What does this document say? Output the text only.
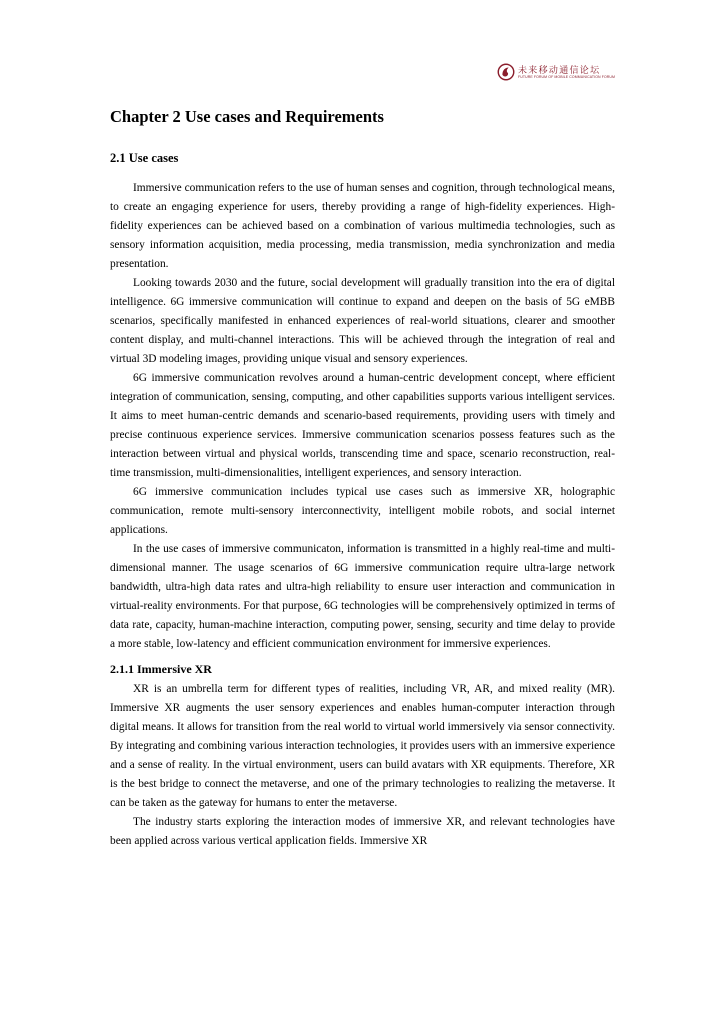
未来移动通信论坛
FUTURE FORUM OF MOBILE COMMUNICATION FORUM
Chapter 2 Use cases and Requirements
2.1 Use cases

Immersive communication refers to the use of human senses and cognition, through technological means, to create an engaging experience for users, thereby providing a range of high-fidelity experiences. High-fidelity experiences can be achieved based on a combination of various multimedia technologies, such as sensory information acquisition, media processing, media transmission, media synchronization and media presentation.

Looking towards 2030 and the future, social development will gradually transition into the era of digital intelligence. 6G immersive communication will continue to expand and deepen on the basis of 5G eMBB scenarios, specifically manifested in enhanced experiences of real-world situations, clearer and smoother content display, and multi-channel interactions. This will be achieved through the integration of real and virtual 3D modeling images, providing unique visual and sensory experiences.

6G immersive communication revolves around a human-centric development concept, where efficient integration of communication, sensing, computing, and other capabilities supports various intelligent services. It aims to meet human-centric demands and scenario-based requirements, providing users with timely and precise continuous experience services. Immersive communication scenarios possess features such as the interaction between virtual and physical worlds, transcending time and space, scenario reconstruction, real-time transmission, multi-dimensionalities, intelligent experiences, and sensory interaction.

6G immersive communication includes typical use cases such as immersive XR, holographic communication, remote multi-sensory interconnectivity, intelligent mobile robots, and social internet applications.

In the use cases of immersive communicaton, information is transmitted in a highly real-time and multi-dimensional manner. The usage scenarios of 6G immersive communication require ultra-large network bandwidth, ultra-high data rates and ultra-high reliability to ensure user interaction and communication in virtual-reality environments. For that purpose, 6G technologies will be comprehensively optimized in terms of data rate, capacity, human-machine interaction, computing power, sensing, security and time delay to provide a more stable, low-latency and efficient communication environment for immersive experiences.

2.1.1 Immersive XR

XR is an umbrella term for different types of realities, including VR, AR, and mixed reality (MR). Immersive XR augments the user sensory experiences and enables human-computer interaction through digital means. It allows for transition from the real world to virtual world immersively via sensor connectivity. By integrating and combining various interaction technologies, it provides users with an immersive experience and a sense of reality. In the virtual environment, users can build avatars with XR equipments. Therefore, XR is the best bridge to connect the metaverse, and one of the primary technologies to realizing the metaverse. It can be taken as the gateway for humans to enter the metaverse.

The industry starts exploring the interaction modes of immersive XR, and relevant technologies have been applied across various vertical application fields. Immersive XR
